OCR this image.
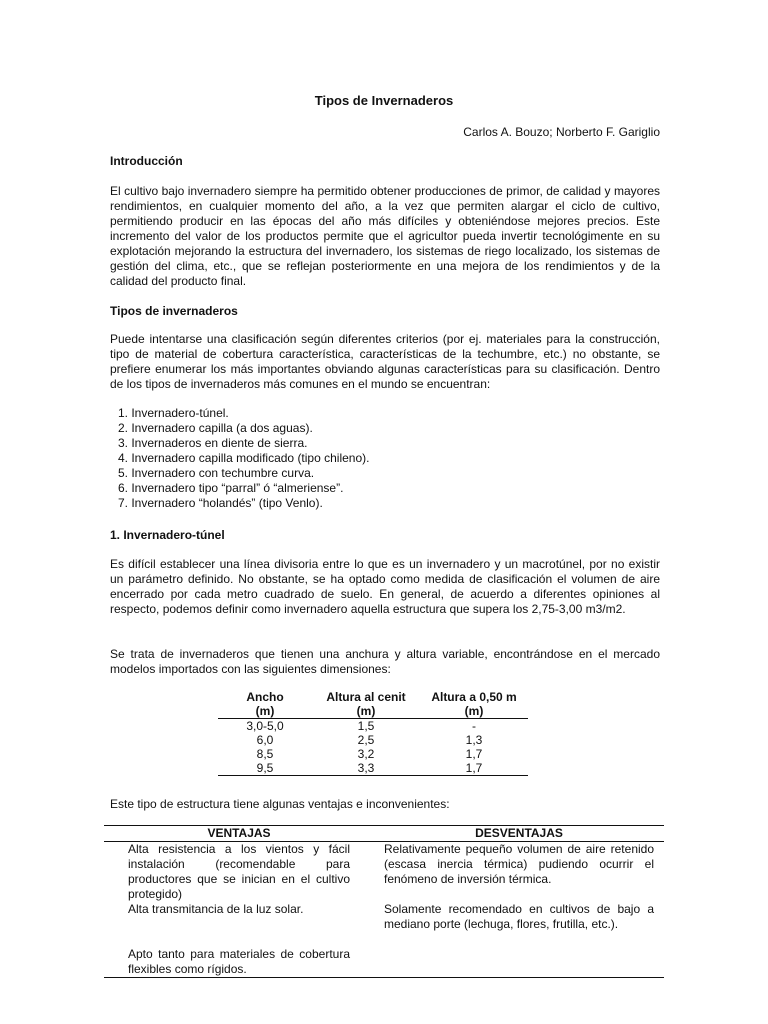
Tipos de Invernaderos
Carlos A. Bouzo; Norberto F. Gariglio
Introducción

El cultivo bajo invernadero siempre ha permitido obtener producciones de primor, de calidad y mayores rendimientos, en cualquier momento del año, a la vez que permiten alargar el ciclo de cultivo, permitiendo producir en las épocas del año más difíciles y obteniéndose mejores precios. Este incremento del valor de los productos permite que el agricultor pueda invertir tecnológimente en su explotación mejorando la estructura del invernadero, los sistemas de riego localizado, los sistemas de gestión del clima, etc., que se reflejan posteriormente en una mejora de los rendimientos y de la calidad del producto final.

Tipos de invernaderos

Puede intentarse una clasificación según diferentes criterios (por ej. materiales para la construcción, tipo de material de cobertura característica, características de la techumbre, etc.) no obstante, se prefiere enumerar los más importantes obviando algunas características para su clasificación. Dentro de los tipos de invernaderos más comunes en el mundo se encuentran:

1. Invernadero-túnel.
2. Invernadero capilla (a dos aguas).
3. Invernaderos en diente de sierra.
4. Invernadero capilla modificado (tipo chileno).
5. Invernadero con techumbre curva.
6. Invernadero tipo “parral” ó “almeriense”.
7. Invernadero “holandés” (tipo Venlo).
1. Invernadero-túnel

Es difícil establecer una línea divisoria entre lo que es un invernadero y un macrotúnel, por no existir un parámetro definido. No obstante, se ha optado como medida de clasificación el volumen de aire encerrado por cada metro cuadrado de suelo. En general, de acuerdo a diferentes opiniones al respecto, podemos definir como invernadero aquella estructura que supera los 2,75-3,00 m3/m2.

Se trata de invernaderos que tienen una anchura y altura variable, encontrándose en el mercado modelos importados con las siguientes dimensiones:

Ancho	Altura al cenit	Altura a 0,50 m
(m)	(m)	(m)
3,0-5,0	1,5	-
6,0	2,5	1,3
8,5	3,2	1,7
9,5	3,3	1,7

Este tipo de estructura tiene algunas ventajas e inconvenientes:

VENTAJAS	DESVENTAJAS
Alta resistencia a los vientos y fácil instalación (recomendable para productores que se inician en el cultivo protegido)	Relativamente pequeño volumen de aire retenido (escasa inercia térmica) pudiendo ocurrir el fenómeno de inversión térmica.
Alta transmitancia de la luz solar.	Solamente recomendado en cultivos de bajo a mediano porte (lechuga, flores, frutilla, etc.).
Apto tanto para materiales de cobertura flexibles como rígidos.	
